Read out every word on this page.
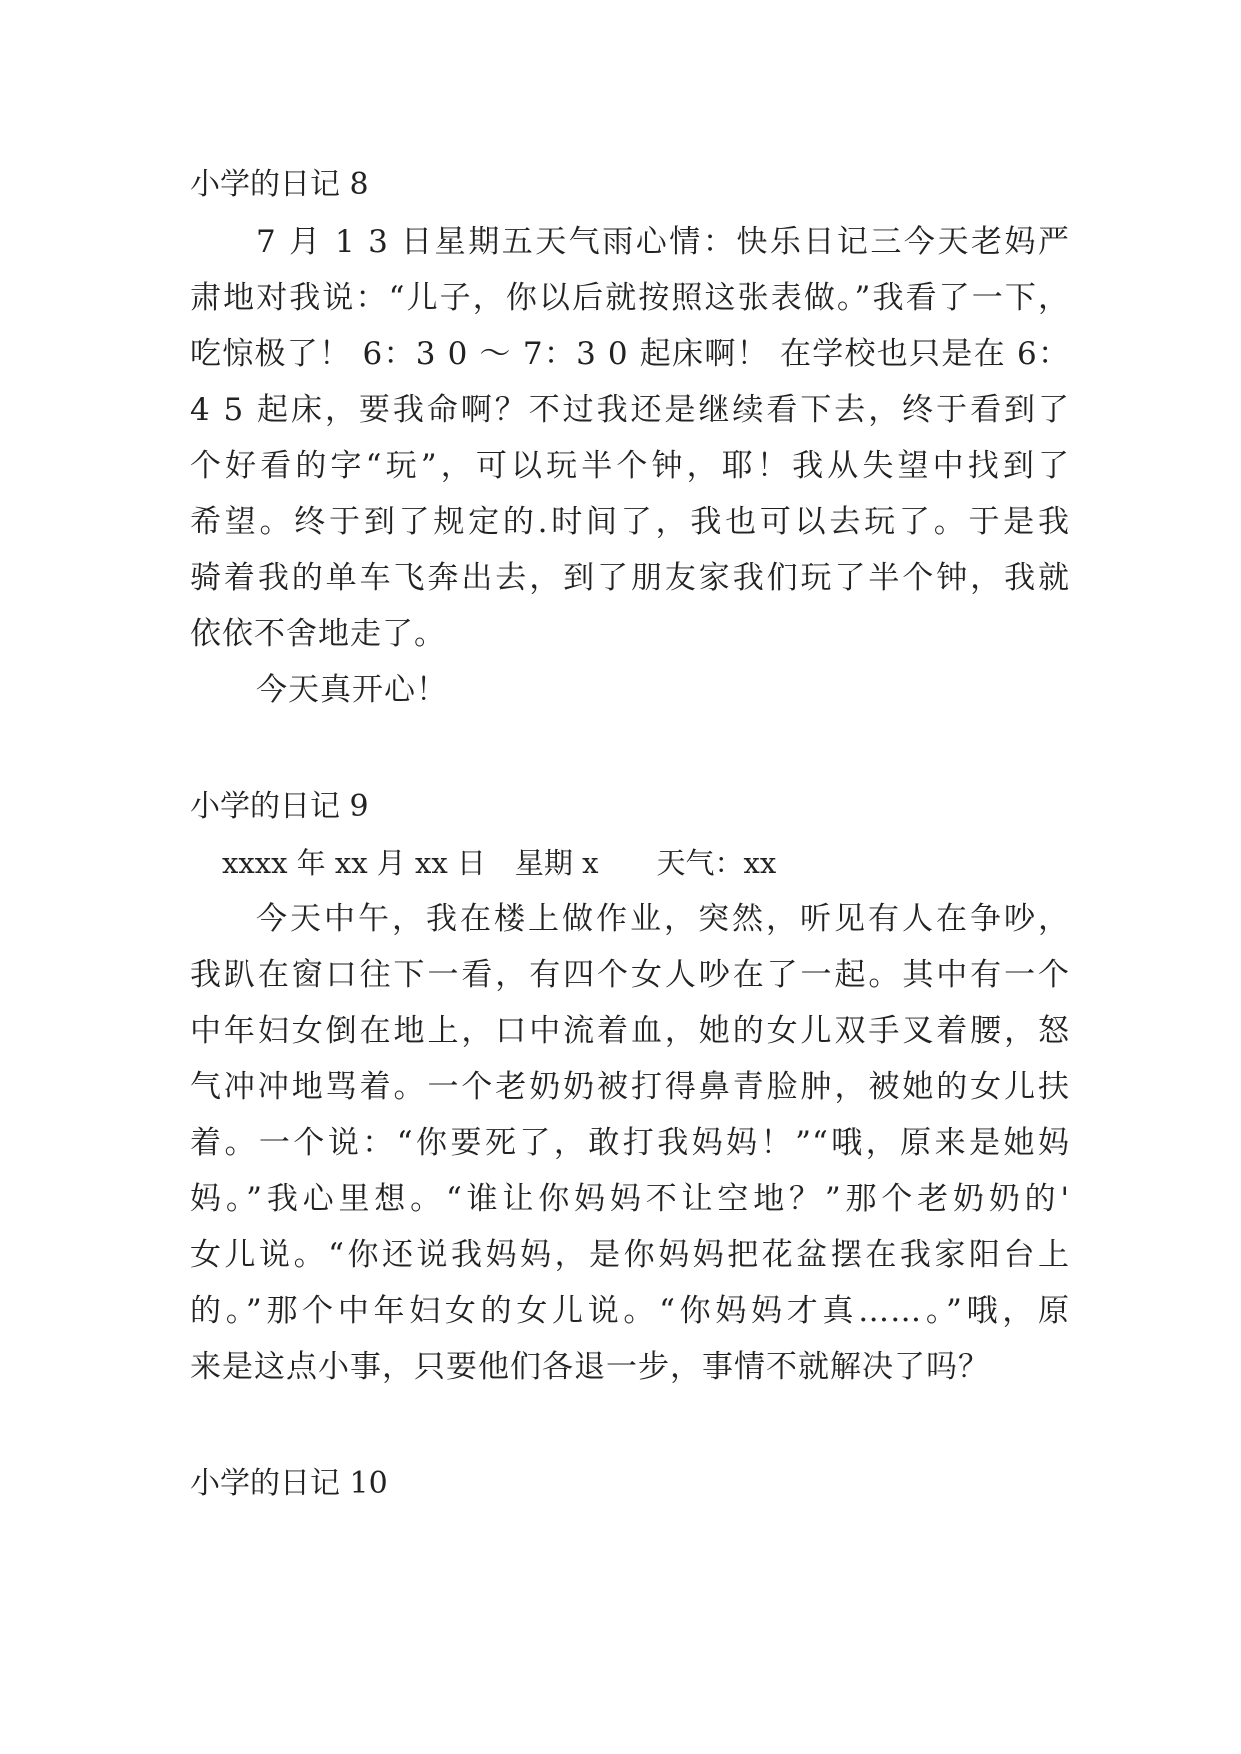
小学的日记 8
7 月 1 3 日星期五天气雨心情：快乐日记三今天老妈严
肃地对我说：“儿子，你以后就按照这张表做。”我看了一下，
吃惊极了！ 6：3 0 ～ 7：3 0 起床啊！ 在学校也只是在 6：
4 5 起床，要我命啊？不过我还是继续看下去，终于看到了
个好看的字“玩”，可以玩半个钟，耶！我从失望中找到了
希望。终于到了规定的.时间了，我也可以去玩了。于是我
骑着我的单车飞奔出去，到了朋友家我们玩了半个钟，我就
依依不舍地走了。
今天真开心！
小学的日记 9
xxxx 年 xx 月 xx 日　星期 x　　天气：xx
今天中午，我在楼上做作业，突然，听见有人在争吵，
我趴在窗口往下一看，有四个女人吵在了一起。其中有一个
中年妇女倒在地上，口中流着血，她的女儿双手叉着腰，怒
气冲冲地骂着。一个老奶奶被打得鼻青脸肿，被她的女儿扶
着。一个说：“你要死了，敢打我妈妈！”“哦，原来是她妈
妈。”我心里想。“谁让你妈妈不让空地？”那个老奶奶的'
女儿说。“你还说我妈妈，是你妈妈把花盆摆在我家阳台上
的。”那个中年妇女的女儿说。“你妈妈才真……。”哦，原
来是这点小事，只要他们各退一步，事情不就解决了吗？
小学的日记 10
